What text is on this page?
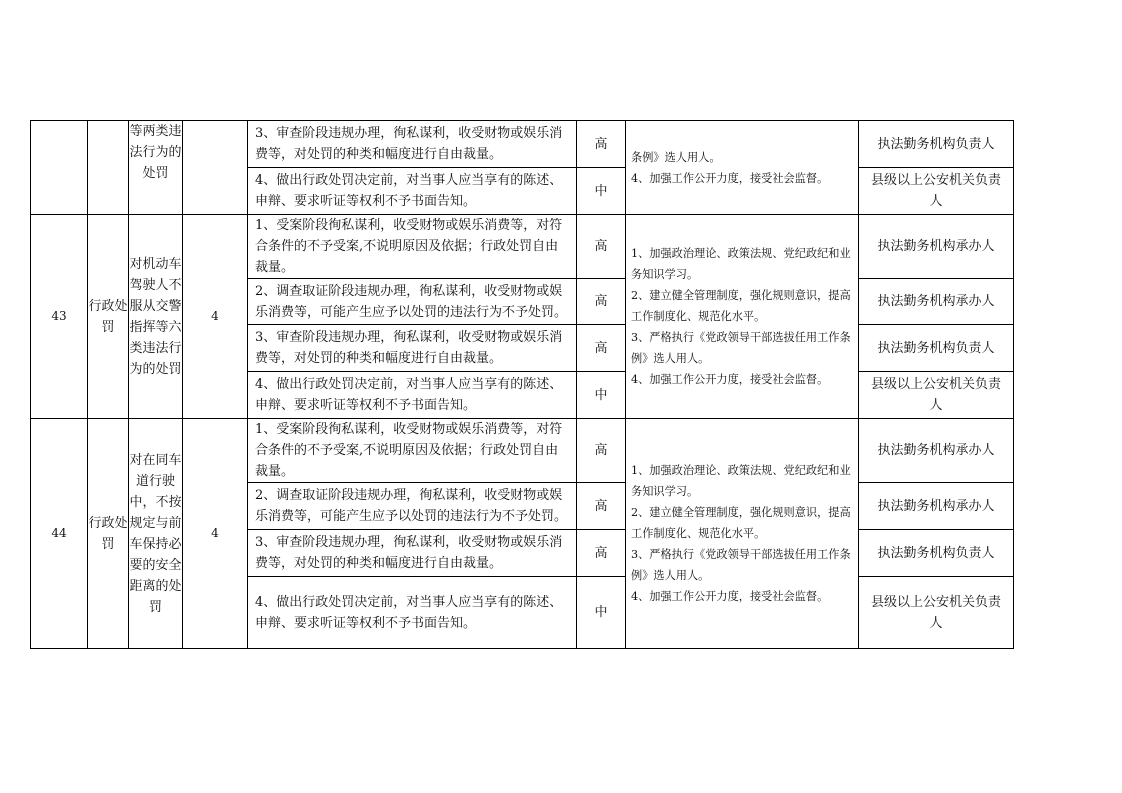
		等两类违法行为的处罚		3、审查阶段违规办理，徇私谋利，收受财物或娱乐消费等，对处罚的种类和幅度进行自由裁量。	高	条例》选人用人。
4、加强工作公开力度，接受社会监督。	执法勤务机构负责人
				4、做出行政处罚决定前，对当事人应当享有的陈述、申辩、要求听证等权利不予书面告知。	中		县级以上公安机关负责人
43	行政处罚	对机动车驾驶人不服从交警指挥等六类违法行为的处罚	4	1、受案阶段徇私谋利，收受财物或娱乐消费等，对符合条件的不予受案,不说明原因及依据；行政处罚自由裁量。	高	1、加强政治理论、政策法规、党纪政纪和业务知识学习。
2、建立健全管理制度，强化规则意识，提高工作制度化、规范化水平。
3、严格执行《党政领导干部选拔任用工作条例》选人用人。
4、加强工作公开力度，接受社会监督。	执法勤务机构承办人
				2、调查取证阶段违规办理，徇私谋利，收受财物或娱乐消费等，可能产生应予以处罚的违法行为不予处罚。	高		执法勤务机构承办人
				3、审查阶段违规办理，徇私谋利，收受财物或娱乐消费等，对处罚的种类和幅度进行自由裁量。	高		执法勤务机构负责人
				4、做出行政处罚决定前，对当事人应当享有的陈述、申辩、要求听证等权利不予书面告知。	中		县级以上公安机关负责人
44	行政处罚	对在同车道行驶中，不按规定与前车保持必要的安全距离的处罚	4	1、受案阶段徇私谋利，收受财物或娱乐消费等，对符合条件的不予受案,不说明原因及依据；行政处罚自由裁量。	高	1、加强政治理论、政策法规、党纪政纪和业务知识学习。
2、建立健全管理制度，强化规则意识，提高工作制度化、规范化水平。
3、严格执行《党政领导干部选拔任用工作条例》选人用人。
4、加强工作公开力度，接受社会监督。	执法勤务机构承办人
				2、调查取证阶段违规办理，徇私谋利，收受财物或娱乐消费等，可能产生应予以处罚的违法行为不予处罚。	高		执法勤务机构承办人
				3、审查阶段违规办理，徇私谋利，收受财物或娱乐消费等，对处罚的种类和幅度进行自由裁量。	高		执法勤务机构负责人
				4、做出行政处罚决定前，对当事人应当享有的陈述、申辩、要求听证等权利不予书面告知。	中		县级以上公安机关负责人
